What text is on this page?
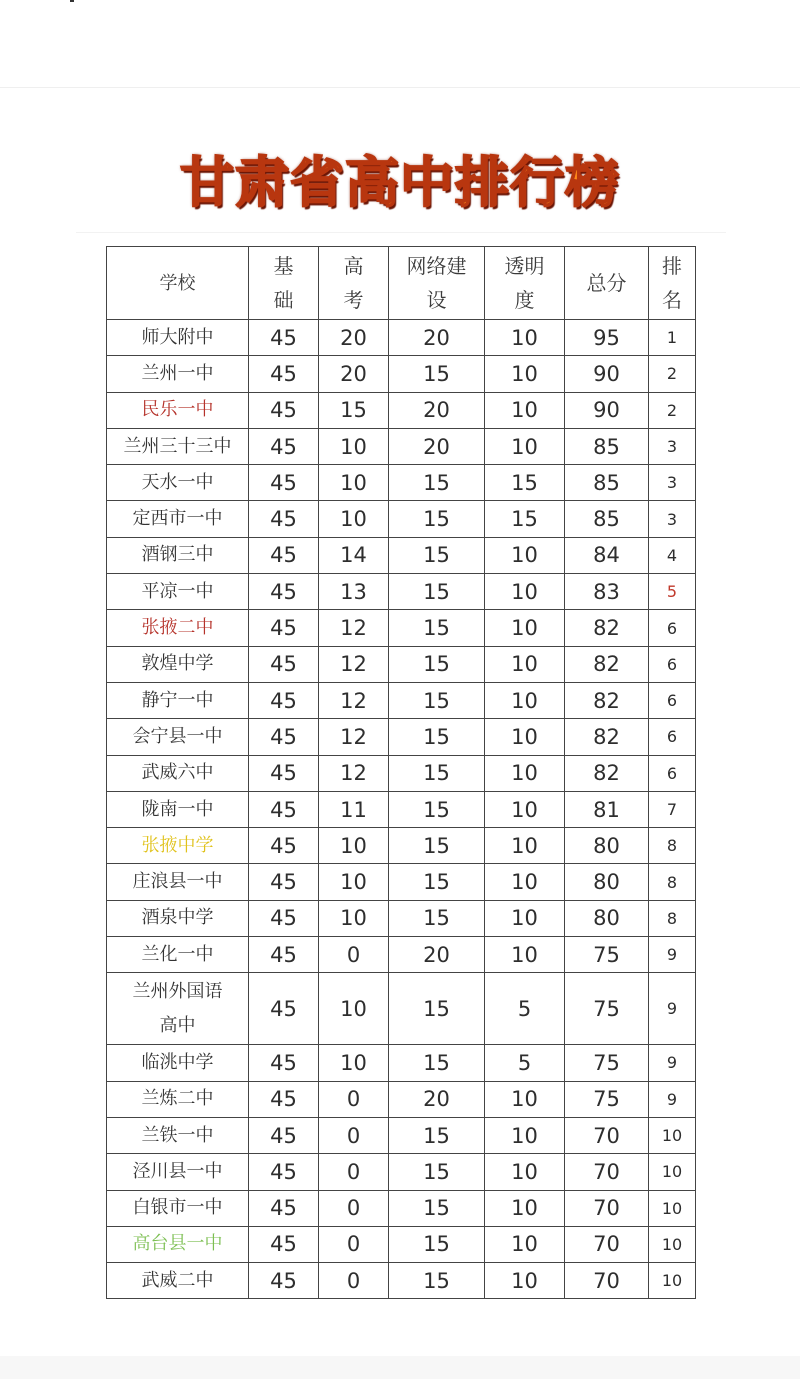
甘肃省高中排行榜
学校	基础	高考	网络建设	透明度	总分	排名

师大附中	45	20	20	10	95	1
兰州一中	45	20	15	10	90	2
民乐一中	45	15	20	10	90	2
兰州三十三中	45	10	20	10	85	3
天水一中	45	10	15	15	85	3
定西市一中	45	10	15	15	85	3
酒钢三中	45	14	15	10	84	4
平凉一中	45	13	15	10	83	5
张掖二中	45	12	15	10	82	6
敦煌中学	45	12	15	10	82	6
静宁一中	45	12	15	10	82	6
会宁县一中	45	12	15	10	82	6
武威六中	45	12	15	10	82	6
陇南一中	45	11	15	10	81	7
张掖中学	45	10	15	10	80	8
庄浪县一中	45	10	15	10	80	8
酒泉中学	45	10	15	10	80	8
兰化一中	45	0	20	10	75	9
兰州外国语高中	45	10	15	5	75	9
临洮中学	45	10	15	5	75	9
兰炼二中	45	0	20	10	75	9
兰铁一中	45	0	15	10	70	10
泾川县一中	45	0	15	10	70	10
白银市一中	45	0	15	10	70	10
高台县一中	45	0	15	10	70	10
武威二中	45	0	15	10	70	10
